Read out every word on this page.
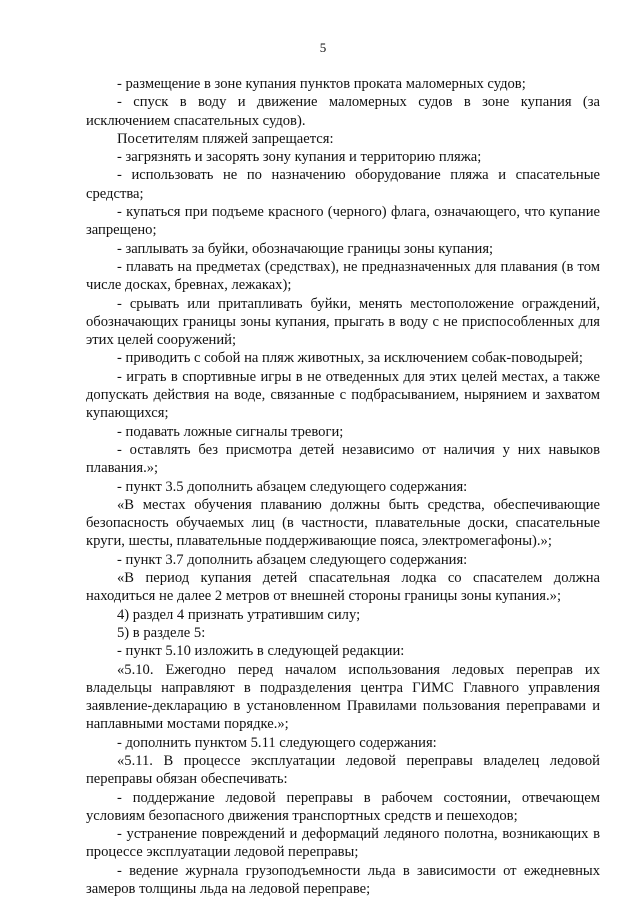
5

- размещение в зоне купания пунктов проката маломерных судов;

- спуск в воду и движение маломерных судов в зоне купания (за исключением спасательных судов).

Посетителям пляжей запрещается:

- загрязнять и засорять зону купания и территорию пляжа;

- использовать не по назначению оборудование пляжа и спасательные средства;

- купаться при подъеме красного (черного) флага, означающего, что купание запрещено;

- заплывать за буйки, обозначающие границы зоны купания;

- плавать на предметах (средствах), не предназначенных для плавания (в том числе досках, бревнах, лежаках);

- срывать или притапливать буйки, менять местоположение ограждений, обозначающих границы зоны купания, прыгать в воду с не приспособленных для этих целей сооружений;

- приводить с собой на пляж животных, за исключением собак-поводырей;

- играть в спортивные игры в не отведенных для этих целей местах, а также допускать действия на воде, связанные с подбрасыванием, нырянием и захватом купающихся;

- подавать ложные сигналы тревоги;

- оставлять без присмотра детей независимо от наличия у них навыков плавания.»;

- пункт 3.5 дополнить абзацем следующего содержания:

«В местах обучения плаванию должны быть средства, обеспечивающие безопасность обучаемых лиц (в частности, плавательные доски, спасательные круги, шесты, плавательные поддерживающие пояса, электромегафоны).»;

- пункт 3.7 дополнить абзацем следующего содержания:

«В период купания детей спасательная лодка со спасателем должна находиться не далее 2 метров от внешней стороны границы зоны купания.»;

4) раздел 4 признать утратившим силу;

5) в разделе 5:

- пункт 5.10 изложить в следующей редакции:

«5.10. Ежегодно перед началом использования ледовых переправ их владельцы направляют в подразделения центра ГИМС Главного управления заявление-декларацию в установленном Правилами пользования переправами и наплавными мостами порядке.»;

- дополнить пунктом 5.11 следующего содержания:

«5.11. В процессе эксплуатации ледовой переправы владелец ледовой переправы обязан обеспечивать:

- поддержание ледовой переправы в рабочем состоянии, отвечающем условиям безопасного движения транспортных средств и пешеходов;

- устранение повреждений и деформаций ледяного полотна, возникающих в процессе эксплуатации ледовой переправы;

- ведение журнала грузоподъемности льда в зависимости от ежедневных замеров толщины льда на ледовой переправе;
